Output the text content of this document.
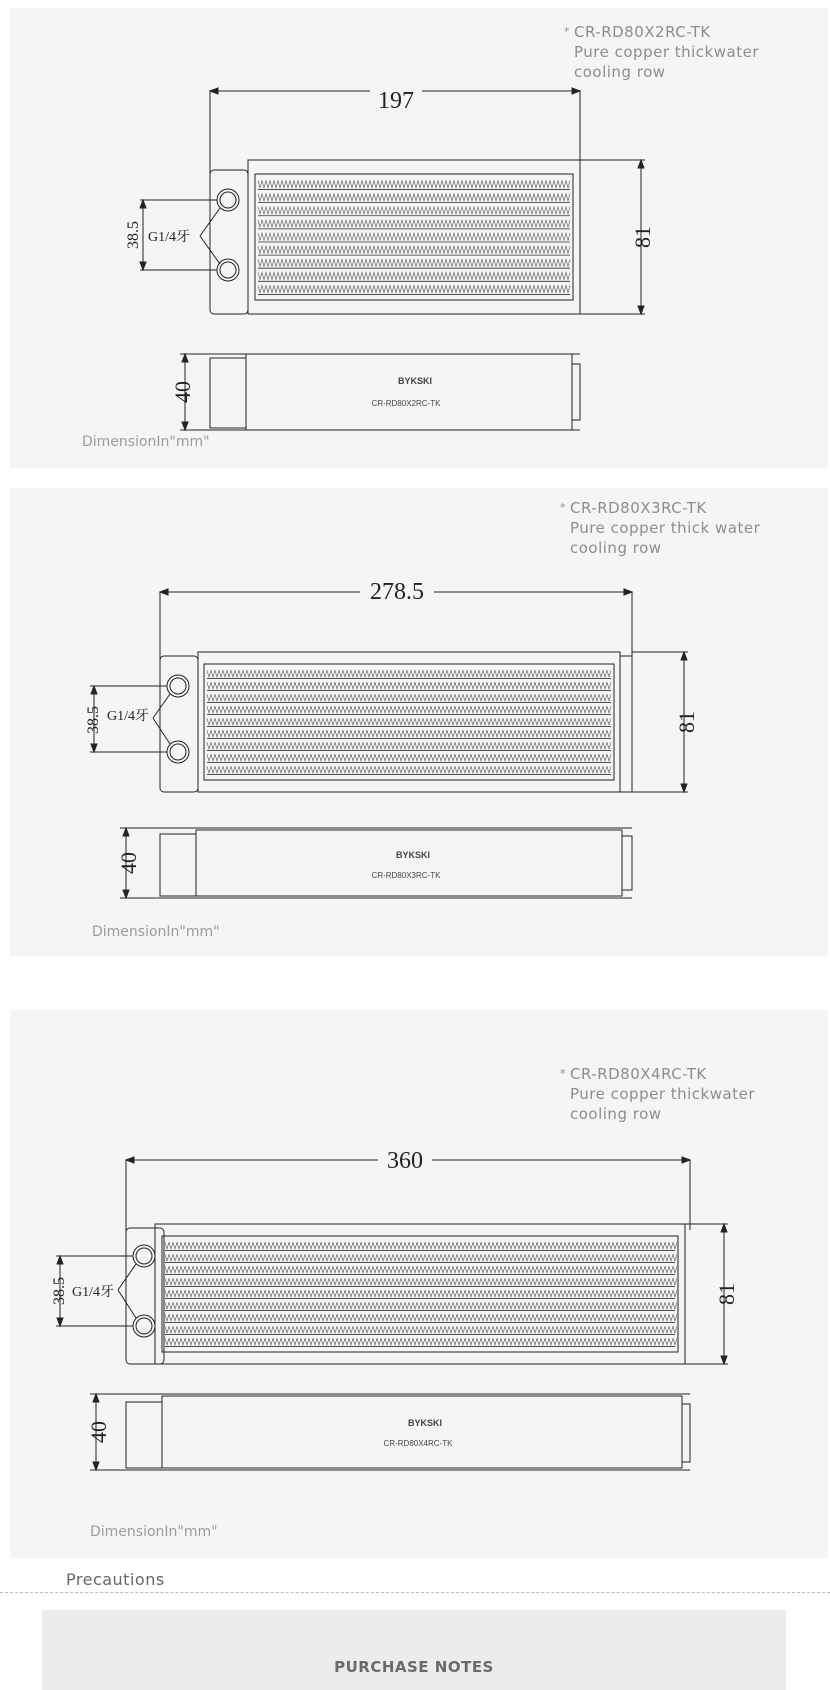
197
81
38.5 G1/4牙
40	BYKSKI
CR-RD80X2RC-TK
* CR-RD80X2RC-TK
Pure copper thickwater
cooling row
DimensionIn"mm"
278.5
81
38.5 G1/4牙
40	BYKSKI
CR-RD80X3RC-TK
* CR-RD80X3RC-TK
Pure copper thick water
cooling row
DimensionIn"mm"
360
81
38.5 G1/4牙
40	BYKSKI
CR-RD80X4RC-TK
* CR-RD80X4RC-TK
Pure copper thickwater
cooling row
DimensionIn"mm"
Precautions
PURCHASE NOTES
